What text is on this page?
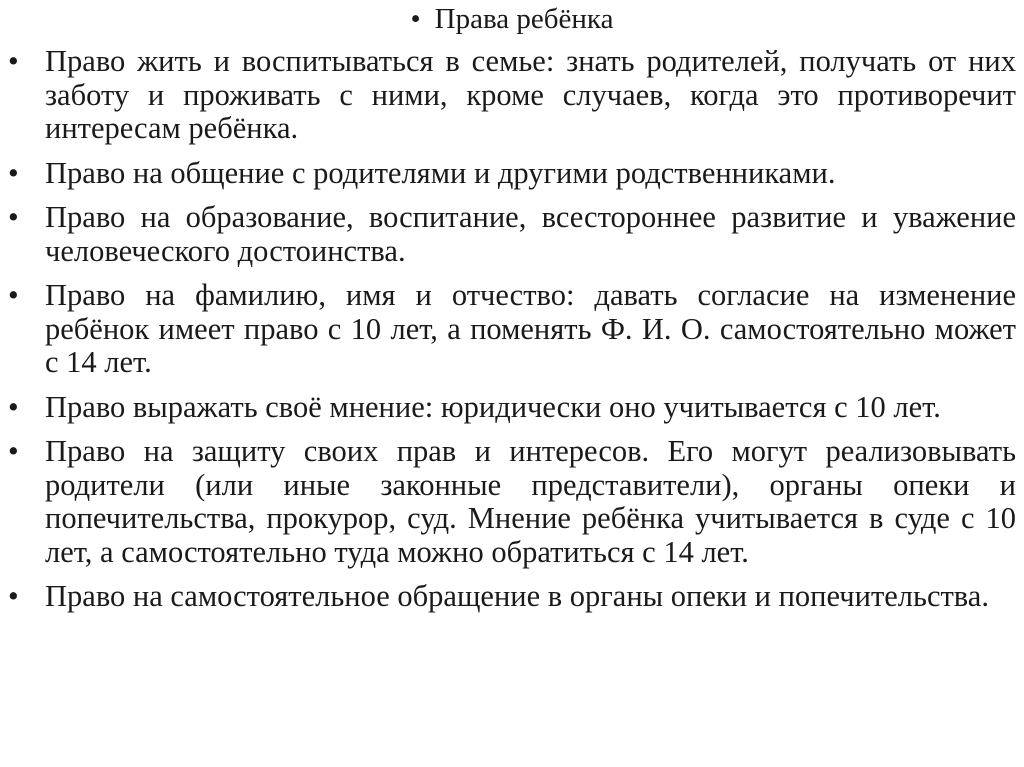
• Права ребёнка
• Право жить и воспитываться в семье: знать родителей, получать от них заботу и проживать с ними, кроме случаев, когда это противоречит интересам ребёнка.
• Право на общение с родителями и другими родственниками.
• Право на образование, воспитание, всестороннее развитие и уважение человеческого достоинства.
• Право на фамилию, имя и отчество: давать согласие на изменение ребёнок имеет право с 10 лет, а поменять Ф. И. О. самостоятельно может с 14 лет.
• Право выражать своё мнение: юридически оно учитывается с 10 лет.
• Право на защиту своих прав и интересов. Его могут реализовывать родители (или иные законные представители), органы опеки и попечительства, прокурор, суд. Мнение ребёнка учитывается в суде с 10 лет, а самостоятельно туда можно обратиться с 14 лет.
• Право на самостоятельное обращение в органы опеки и попечительства.
